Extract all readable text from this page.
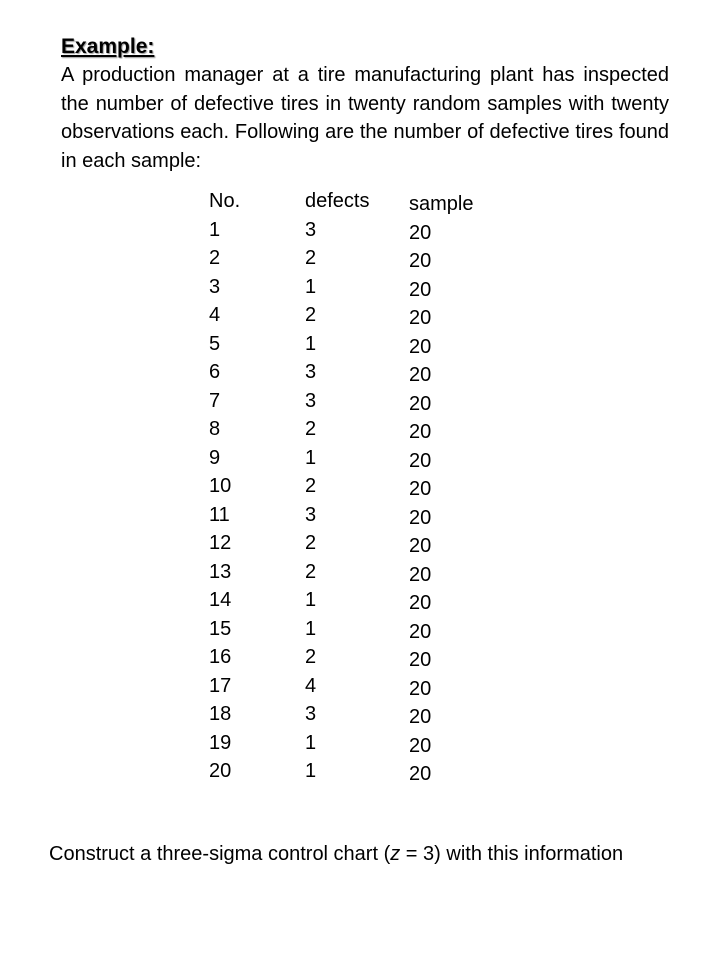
Example:
A production manager at a tire manufacturing plant has inspected the number of defective tires in twenty random samples with twenty observations each. Following are the number of defective tires found in each sample:
No.
1
2
3
4
5
6
7
8
9
10
11
12
13
14
15
16
17
18
19
20
defects
3
2
1
2
1
3
3
2
1
2
3
2
2
1
1
2
4
3
1
1
sample
20
20
20
20
20
20
20
20
20
20
20
20
20
20
20
20
20
20
20
20
Construct a three-sigma control chart (z = 3) with this information
